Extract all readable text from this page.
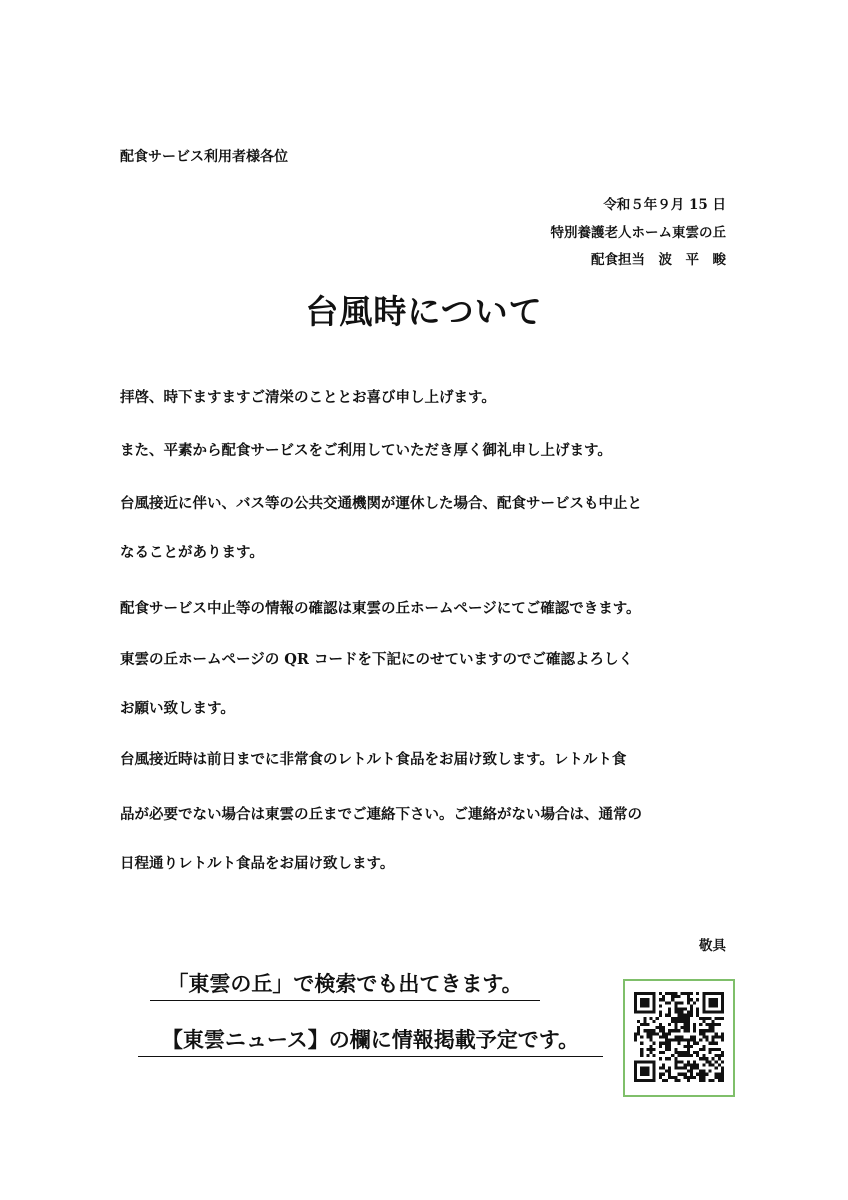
配食サービス利用者様各位
令和５年９月 15 日
特別養護老人ホーム東雲の丘
配食担当　波　平　畯
台風時について
拝啓、時下ますますご清栄のこととお喜び申し上げます。
また、平素から配食サービスをご利用していただき厚く御礼申し上げます。
台風接近に伴い、バス等の公共交通機関が運休した場合、配食サービスも中止と
なることがあります。
配食サービス中止等の情報の確認は東雲の丘ホームページにてご確認できます。
東雲の丘ホームページの QR コードを下記にのせていますのでご確認よろしく
お願い致します。
台風接近時は前日までに非常食のレトルト食品をお届け致します。レトルト食
品が必要でない場合は東雲の丘までご連絡下さい。ご連絡がない場合は、通常の
日程通りレトルト食品をお届け致します。
敬具
「東雲の丘」で検索でも出てきます。
【東雲ニュース】の欄に情報掲載予定です。
